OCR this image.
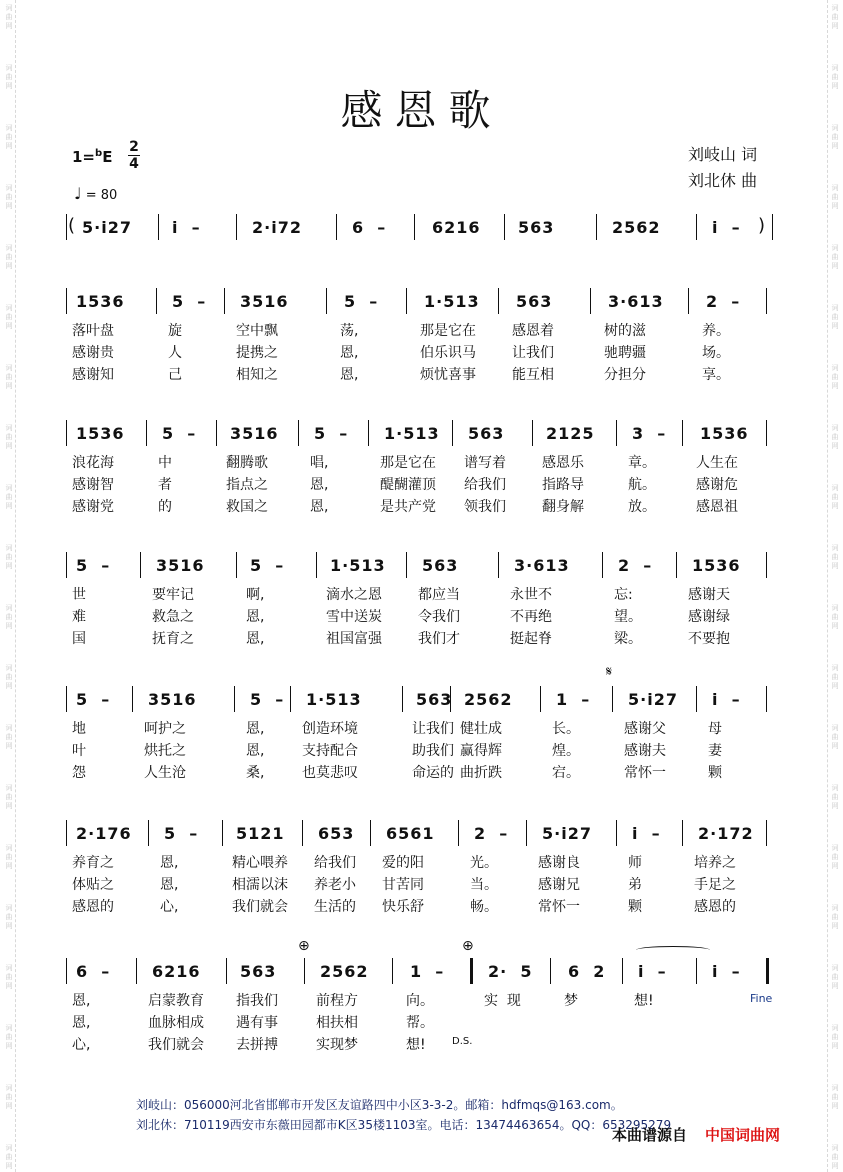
词
曲
网
词
曲
网
词
曲
网
词
曲
网
词
曲
网
词
曲
网
词
曲
网
词
曲
网
词
曲
网
词
曲
网
词
曲
网
词
曲
网
词
曲
网
词
曲
网
词
曲
网
词
曲
网
词
曲
网
词
曲
网
词
曲
网
词
曲
网
词
曲
网
词
曲
网
词
曲
网
词
曲
网
词
曲
网
词
曲
网
词
曲
网
词
曲
网
词
曲
网
词
曲
网
词
曲
网
词
曲
网
词
曲
网
词
曲
网
词
曲
网
词
曲
网
词
曲
网
词
曲
网
词
曲
网
词
曲
网
感恩歌
1=$^b$E
2
4
♩ = 80
刘岐山 词
刘北休 曲
5·i27	i  –	2·i72	6  –	6216 563	2562	i  –
(	)
1536	5  – 3516	5  –	1·513 563	3·613	2  –
落叶盘	旋	空中飘	荡,	那是它在	感恩着	树的滋	养。
感谢贵	人	提携之	恩,	伯乐识马	让我们	驰聘疆	场。
感谢知	己	相知之	恩,	烦忧喜事	能互相	分担分	享。
1536 5  – 3516 5  – 1·513 563	2125 3  – 1536
浪花海	中	翻腾歌	唱,	那是它在 谱写着	感恩乐	章。	人生在
感谢智	者	指点之	恩,	醍醐灌顶 给我们	指路导	航。	感谢危
感谢党	的	救国之	恩,	是共产党 领我们	翻身解	放。	感恩祖
5  –	3516	5  –	1·513 563	3·613	2  – 1536
世	要牢记	啊,	滴水之恩	都应当	永世不	忘:	感谢天
难	救急之	恩,	雪中送炭	令我们	不再绝	望。	感谢绿
国	抚育之	恩,	祖国富强	我们才	挺起脊	梁。	不要抱
5  – 3516	5  – 1·513	563 2562	1  – 5·i27 i  –
𝄋
地	呵护之	恩,	创造环境	让我们 健壮成	长。	感谢父	母
叶	烘托之	恩,	支持配合	助我们 赢得辉	煌。	感谢夫	妻
怨	人生沧	桑,	也莫悲叹	命运的 曲折跌	宕。	常怀一	颗
2·176 5  – 5121 653 6561 2  – 5·i27	i  – 2·172
养育之	恩,	精心喂养 给我们 爱的阳	光。	感谢良	师	培养之
体贴之	恩,	相濡以沫 养老小 甘苦同	当。	感谢兄	弟	手足之
感恩的	心,	我们就会 生活的 快乐舒	畅。	常怀一	颗	感恩的
6  –	6216 563	2562	1  –	2·  5 6  2 i  –	i  –
⊕	⊕
恩,	启蒙教育 指我们	前程方	向。	实  现	梦	想!
恩,	血脉相成 遇有事	相扶相	帮。
心,	我们就会 去拼搏	实现梦	想!
Fine
D.S.
刘岐山：056000河北省邯郸市开发区友谊路四中小区3-3-2。邮箱：hdfmqs@163.com。
刘北休：710119西安市东薇田园都市K区35楼1103室。电话：13474463654。QQ：653295279
本曲谱源自 中国词曲网
